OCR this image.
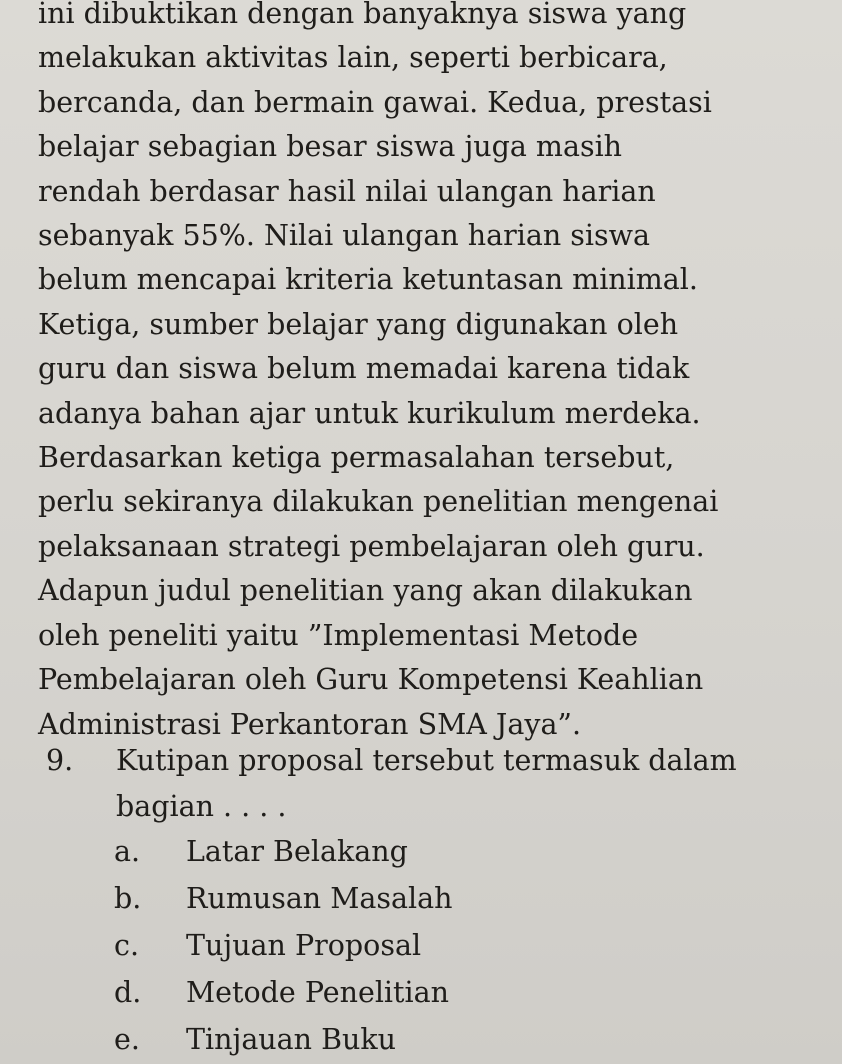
ini dibuktikan dengan banyaknya siswa yang
melakukan aktivitas lain, seperti berbicara,
bercanda, dan bermain gawai. Kedua, prestasi
belajar sebagian besar siswa juga masih
rendah berdasar hasil nilai ulangan harian
sebanyak 55%. Nilai ulangan harian siswa
belum mencapai kriteria ketuntasan minimal.
Ketiga, sumber belajar yang digunakan oleh
guru dan siswa belum memadai karena tidak
adanya bahan ajar untuk kurikulum merdeka.
Berdasarkan ketiga permasalahan tersebut,
perlu sekiranya dilakukan penelitian mengenai
pelaksanaan strategi pembelajaran oleh guru.
Adapun judul penelitian yang akan dilakukan
oleh peneliti yaitu ”Implementasi Metode
Pembelajaran oleh Guru Kompetensi Keahlian
Administrasi Perkantoran SMA Jaya”.
9. Kutipan proposal tersebut termasuk dalam
bagian . . . .
a. Latar Belakang
b. Rumusan Masalah
c. Tujuan Proposal
d. Metode Penelitian
e. Tinjauan Buku
